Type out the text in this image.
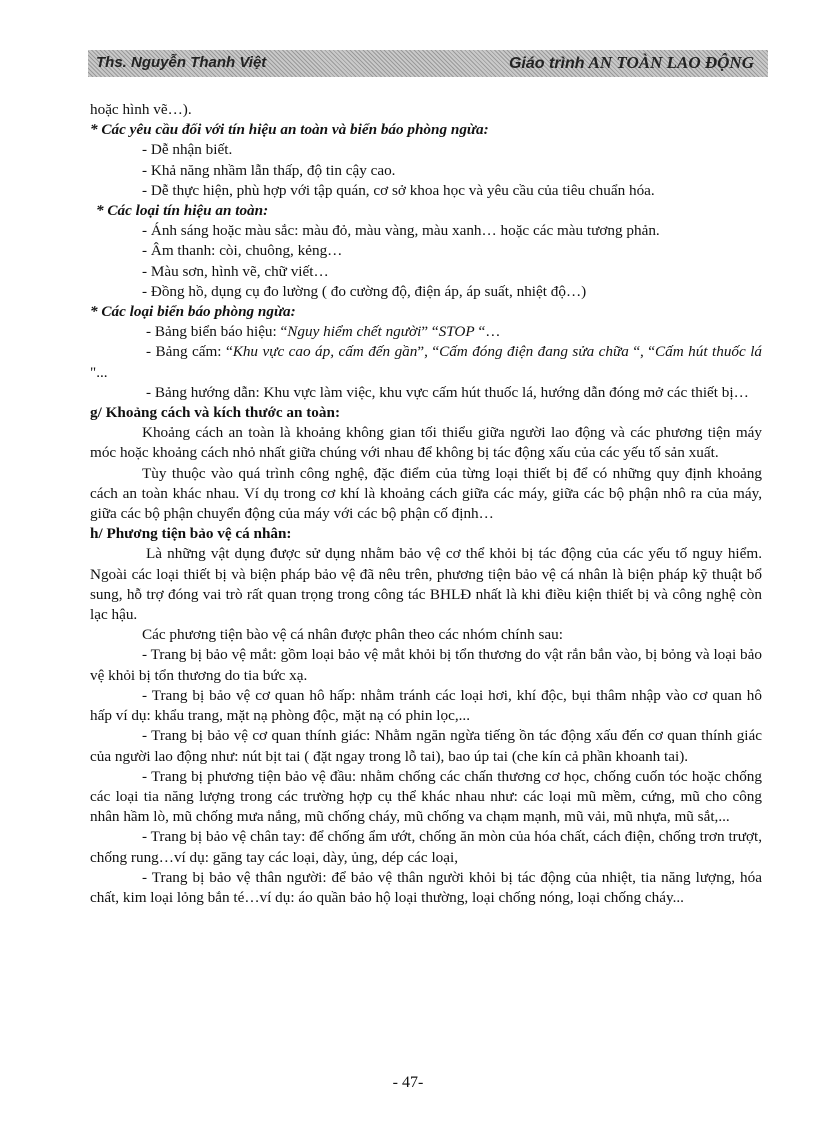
Ths. Nguyễn Thanh Việt	Giáo trình AN TOÀN LAO ĐỘNG

hoặc hình vẽ…).

* Các yêu cầu đối với tín hiệu an toàn và biển báo phòng ngừa:

- Dễ nhận biết.

- Khả năng nhầm lẫn thấp, độ tin cậy cao.

- Dễ thực hiện, phù hợp với tập quán, cơ sở khoa học và yêu cầu của tiêu chuẩn hóa.

* Các loại tín hiệu an toàn:

- Ánh sáng hoặc màu sắc: màu đỏ, màu vàng, màu xanh… hoặc các màu tương phản.

- Âm thanh: còi, chuông, kẻng…

- Màu sơn, hình vẽ, chữ viết…

- Đồng hồ, dụng cụ đo lường ( đo cường độ, điện áp, áp suất, nhiệt độ…)

* Các loại biển báo phòng ngừa:

- Bảng biển báo hiệu: “Nguy hiểm chết người” “STOP “…

- Bảng cấm: “Khu vực cao áp, cấm đến gần”, “Cấm đóng điện đang sửa chữa “, “Cấm hút thuốc lá "...

- Bảng hướng dẫn: Khu vực làm việc, khu vực cấm hút thuốc lá, hướng dẫn đóng mở các thiết bị…

g/ Khoảng cách và kích thước an toàn:

Khoảng cách an toàn là khoảng không gian tối thiểu giữa người lao động và các phương tiện máy móc hoặc khoảng cách nhỏ nhất giữa chúng với nhau để không bị tác động xấu của các yếu tố sản xuất.

Tùy thuộc vào quá trình công nghệ, đặc điểm của từng loại thiết bị để có những quy định khoảng cách an toàn khác nhau. Ví dụ trong cơ khí là khoảng cách giữa các máy, giữa các bộ phận nhô ra của máy, giữa các bộ phận chuyển động của máy với các bộ phận cố định…

h/ Phương tiện bảo vệ cá nhân:

Là những vật dụng được sử dụng nhằm bảo vệ cơ thể khỏi bị tác động của các yếu tố nguy hiểm. Ngoài các loại thiết bị và biện pháp bảo vệ đã nêu trên, phương tiện bảo vệ cá nhân là biện pháp kỹ thuật bổ sung, hỗ trợ đóng vai trò rất quan trọng trong công tác BHLĐ nhất là khi điều kiện thiết bị và công nghệ còn lạc hậu.

Các phương tiện bào vệ cá nhân được phân theo các nhóm chính sau:

- Trang bị bảo vệ mắt: gồm loại bảo vệ mắt khỏi bị tổn thương do vật rắn bắn vào, bị bỏng và loại bảo vệ khỏi bị tổn thương do tia bức xạ.

- Trang bị bảo vệ cơ quan hô hấp: nhằm tránh các loại hơi, khí độc, bụi thâm nhập vào cơ quan hô hấp ví dụ: khẩu trang, mặt nạ phòng độc, mặt nạ có phin lọc,...

- Trang bị bảo vệ cơ quan thính giác: Nhằm ngăn ngừa tiếng ồn tác động xấu đến cơ quan thính giác của người lao động như: nút bịt tai ( đặt ngay trong lỗ tai), bao úp tai (che kín cả phần khoanh tai).

- Trang bị phương tiện bảo vệ đầu: nhằm chống các chấn thương cơ học, chống cuốn tóc hoặc chống các loại tia năng lượng trong các trường hợp cụ thể khác nhau như: các loại mũ mềm, cứng, mũ cho công nhân hầm lò, mũ chống mưa nắng, mũ chống cháy, mũ chống va chạm mạnh, mũ vải, mũ nhựa, mũ sắt,...

- Trang bị bảo vệ chân tay: để chống ẩm ướt, chống ăn mòn của hóa chất, cách điện, chống trơn trượt, chống rung…ví dụ: găng tay các loại, dày, ủng, dép các loại,

- Trang bị bảo vệ thân người: để bảo vệ thân người khỏi bị tác động của nhiệt, tia năng lượng, hóa chất, kim loại lỏng bắn té…ví dụ: áo quần bảo hộ loại thường, loại chống nóng, loại chống cháy...

- 47-
